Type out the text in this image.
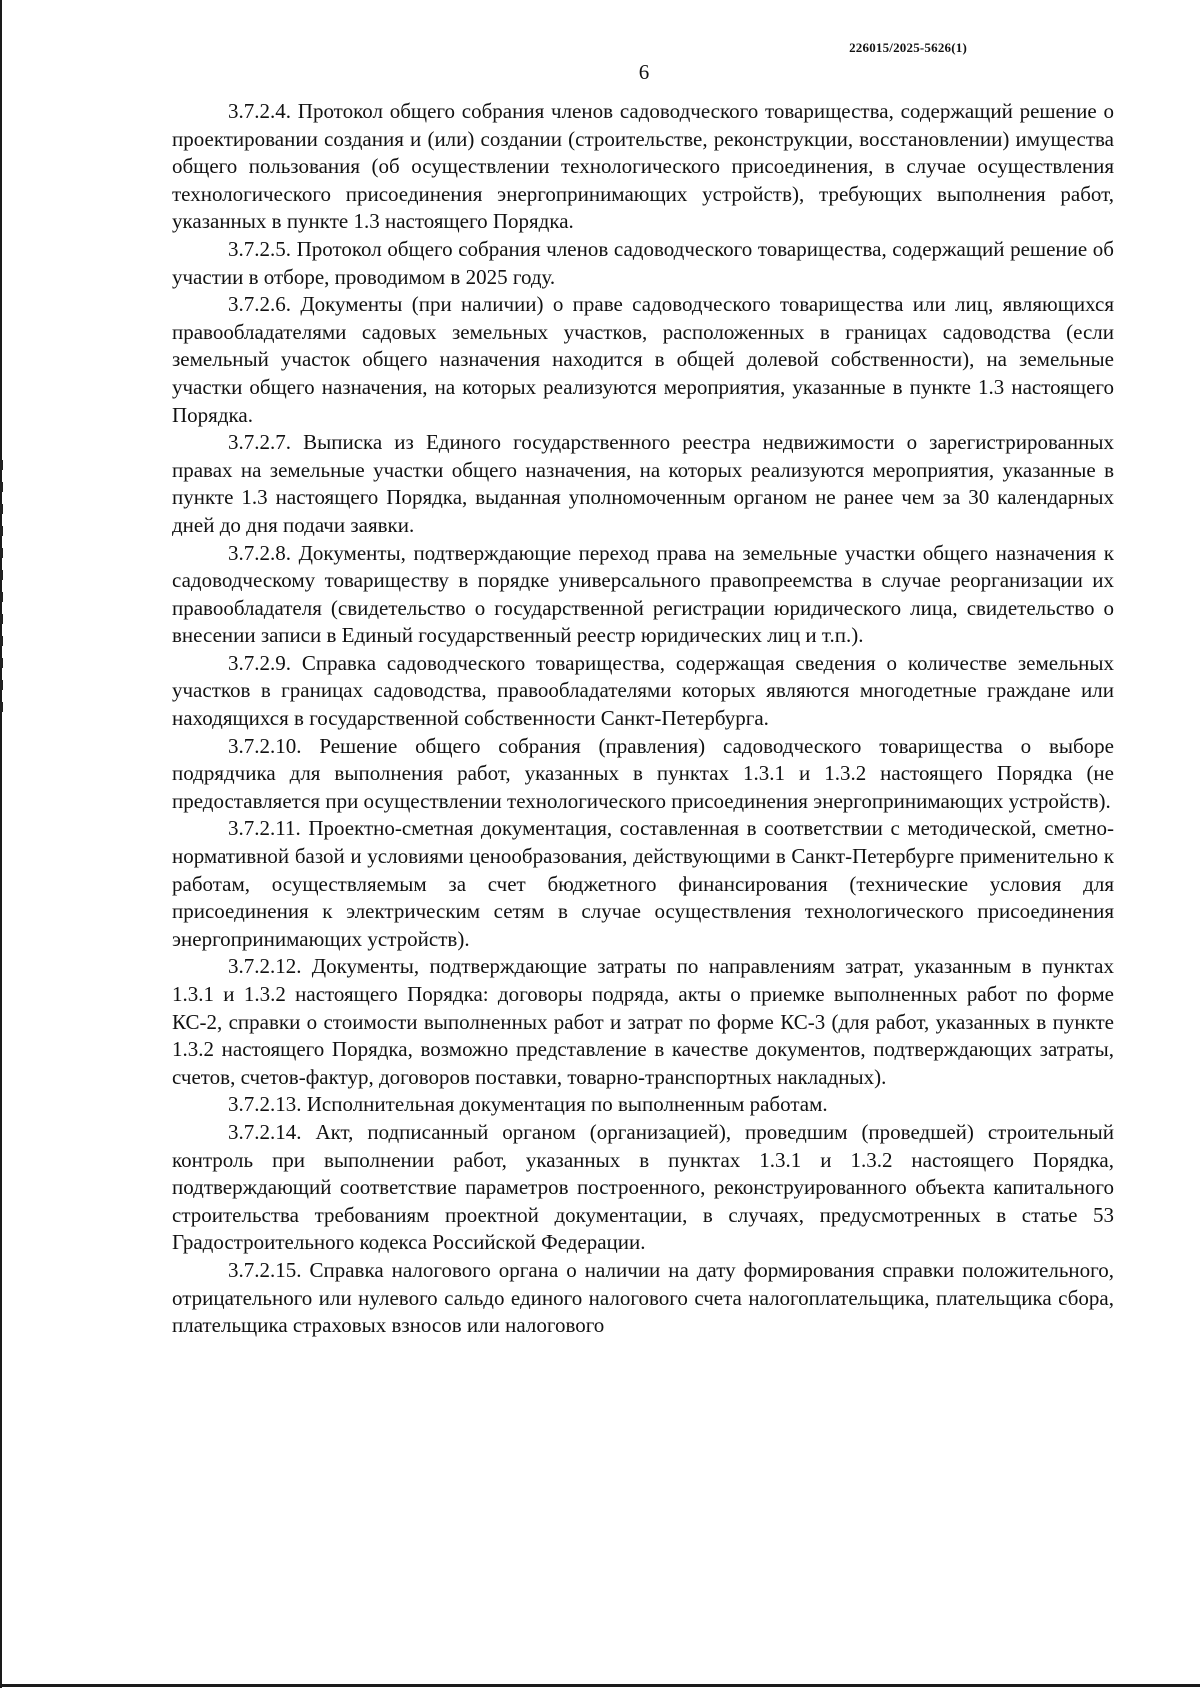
226015/2025-5626(1)
6

3.7.2.4. Протокол общего собрания членов садоводческого товарищества, содержащий решение о проектировании создания и (или) создании (строительстве, реконструкции, восстановлении) имущества общего пользования (об осуществлении технологического присоединения, в случае осуществления технологического присоединения энергопринимающих устройств), требующих выполнения работ, указанных в пункте 1.3 настоящего Порядка.

3.7.2.5. Протокол общего собрания членов садоводческого товарищества, содержащий решение об участии в отборе, проводимом в 2025 году.

3.7.2.6. Документы (при наличии) о праве садоводческого товарищества или лиц, являющихся правообладателями садовых земельных участков, расположенных в границах садоводства (если земельный участок общего назначения находится в общей долевой собственности), на земельные участки общего назначения, на которых реализуются мероприятия, указанные в пункте 1.3 настоящего Порядка.

3.7.2.7. Выписка из Единого государственного реестра недвижимости о зарегистрированных правах на земельные участки общего назначения, на которых реализуются мероприятия, указанные в пункте 1.3 настоящего Порядка, выданная уполномоченным органом не ранее чем за 30 календарных дней до дня подачи заявки.

3.7.2.8. Документы, подтверждающие переход права на земельные участки общего назначения к садоводческому товариществу в порядке универсального правопреемства в случае реорганизации их правообладателя (свидетельство о государственной регистрации юридического лица, свидетельство о внесении записи в Единый государственный реестр юридических лиц и т.п.).

3.7.2.9. Справка садоводческого товарищества, содержащая сведения о количестве земельных участков в границах садоводства, правообладателями которых являются многодетные граждане или находящихся в государственной собственности Санкт-Петербурга.

3.7.2.10. Решение общего собрания (правления) садоводческого товарищества о выборе подрядчика для выполнения работ, указанных в пунктах 1.3.1 и 1.3.2 настоящего Порядка (не предоставляется при осуществлении технологического присоединения энергопринимающих устройств).

3.7.2.11. Проектно-сметная документация, составленная в соответствии с методической, сметно-нормативной базой и условиями ценообразования, действующими в Санкт-Петербурге применительно к работам, осуществляемым за счет бюджетного финансирования (технические условия для присоединения к электрическим сетям в случае осуществления технологического присоединения энергопринимающих устройств).

3.7.2.12. Документы, подтверждающие затраты по направлениям затрат, указанным в пунктах 1.3.1 и 1.3.2 настоящего Порядка: договоры подряда, акты о приемке выполненных работ по форме КС-2, справки о стоимости выполненных работ и затрат по форме КС-3 (для работ, указанных в пункте 1.3.2 настоящего Порядка, возможно представление в качестве документов, подтверждающих затраты, счетов, счетов-фактур, договоров поставки, товарно-транспортных накладных).

3.7.2.13. Исполнительная документация по выполненным работам.

3.7.2.14. Акт, подписанный органом (организацией), проведшим (проведшей) строительный контроль при выполнении работ, указанных в пунктах 1.3.1 и 1.3.2 настоящего Порядка, подтверждающий соответствие параметров построенного, реконструированного объекта капитального строительства требованиям проектной документации, в случаях, предусмотренных в статье 53 Градостроительного кодекса Российской Федерации.

3.7.2.15. Справка налогового органа о наличии на дату формирования справки положительного, отрицательного или нулевого сальдо единого налогового счета налогоплательщика, плательщика сбора, плательщика страховых взносов или налогового
